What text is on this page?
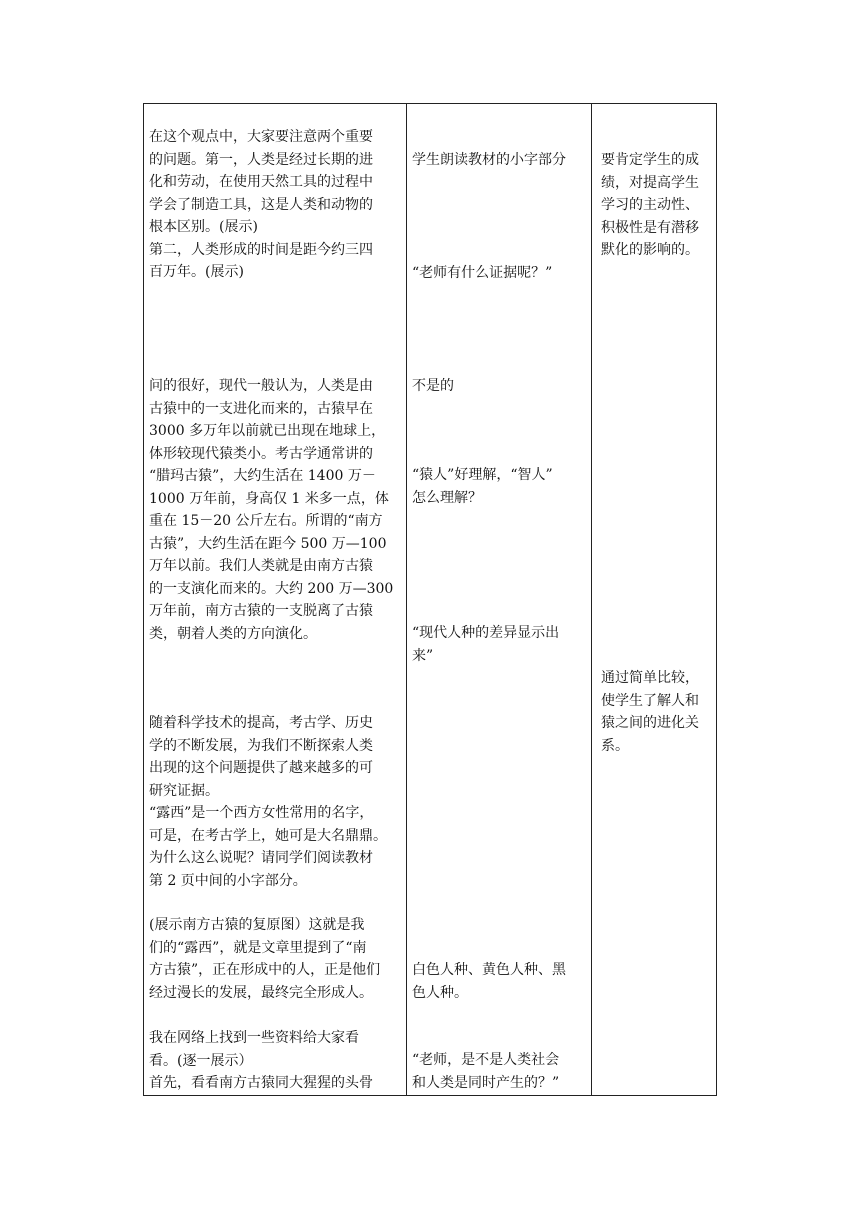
在这个观点中，大家要注意两个重要
的问题。第一，人类是经过长期的进
化和劳动，在使用天然工具的过程中
学会了制造工具，这是人类和动物的
根本区别。(展示)
第二，人类形成的时间是距今约三四
百万年。(展示)

问的很好，现代一般认为，人类是由
古猿中的一支进化而来的，古猿早在
3000 多万年以前就已出现在地球上，
体形较现代猿类小。考古学通常讲的
“腊玛古猿”，大约生活在 1400 万－
1000 万年前，身高仅 1 米多一点，体
重在 15－20 公斤左右。所谓的“南方
古猿”，大约生活在距今 500 万—100
万年以前。我们人类就是由南方古猿
的一支演化而来的。大约 200 万—300
万年前，南方古猿的一支脱离了古猿
类，朝着人类的方向演化。

随着科学技术的提高，考古学、历史
学的不断发展，为我们不断探索人类
出现的这个问题提供了越来越多的可
研究证据。
“露西”是一个西方女性常用的名字，
可是，在考古学上，她可是大名鼎鼎。
为什么这么说呢？请同学们阅读教材
第 2 页中间的小字部分。

(展示南方古猿的复原图）这就是我
们的“露西”，就是文章里提到了“南
方古猿”，正在形成中的人，正是他们
经过漫长的发展，最终完全形成人。

我在网络上找到一些资料给大家看
看。(逐一展示）
首先，看看南方古猿同大猩猩的头骨

学生朗读教材的小字部分

“老师有什么证据呢？”

不是的

“猿人”好理解，“智人”
怎么理解？

“现代人种的差异显示出
来”

白色人种、黄色人种、黑
色人种。

“老师，是不是人类社会
和人类是同时产生的？”

要肯定学生的成
绩，对提高学生
学习的主动性、
积极性是有潜移
默化的影响的。

通过简单比较，
使学生了解人和
猿之间的进化关
系。
